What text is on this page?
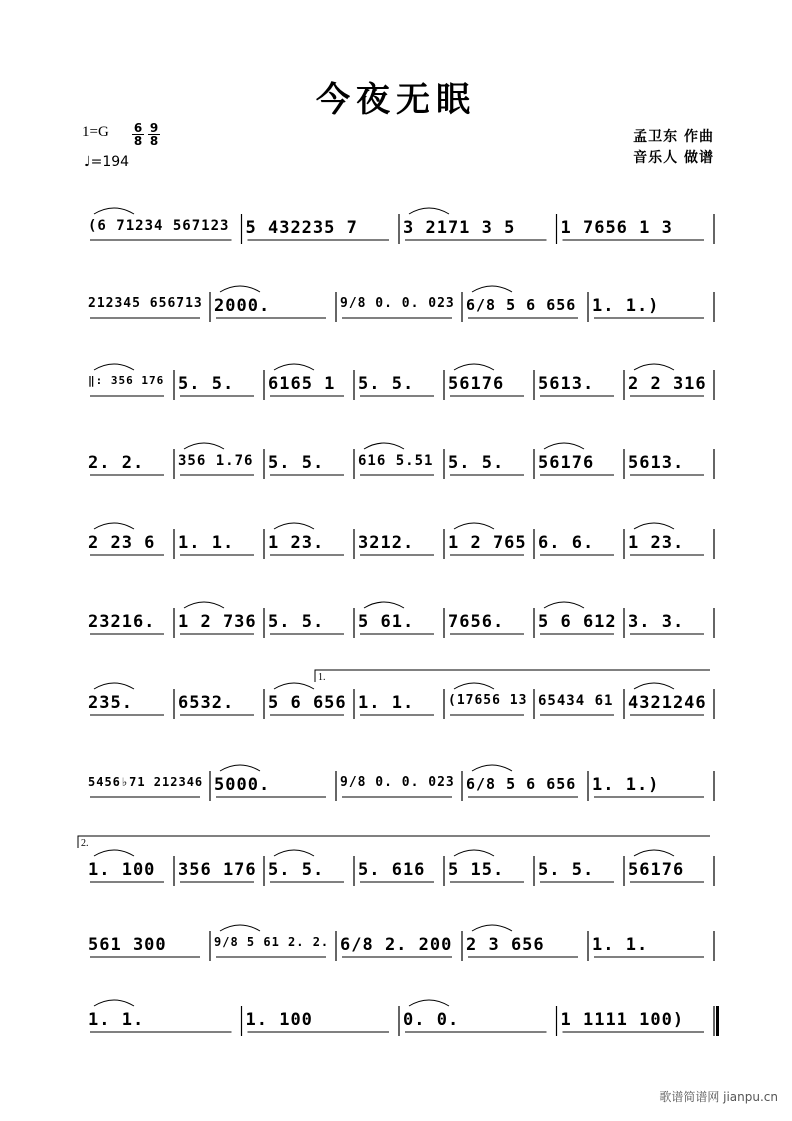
今夜无眠
1=G 6
8
9
8
♩=194
孟卫东 作曲
音乐人 做谱
(6 71234 567123 5 432235 7	3 2171 3 5	1 7656 1 3
212345 656713 2000.	9/8 0. 0. 023 6/8 5 6 656 1. 1.)
‖: 356 176 5. 5.	6165 1	5. 5.	56176	5613.	2 2 316
2. 2.	356 1.76 5. 5.	616 5.51 5. 5.	56176	5613.
2 23 6	1. 1.	1 23.	3212.	1 2 765 6. 6.	1 23.
23216.	1 2 736 5. 5.	5 61.	7656.	5 6 612 3. 3.
235.	6532.	5 6 656 1. 1.	(17656 13 65434 61 4321246
5456♭71 212346 5000.	9/8 0. 0. 023 6/8 5 6 656 1. 1.)
1. 100	356 176 5. 5.	5. 616	5 15.	5. 5.	56176
561 300	9/8 5 61 2. 2. 6/8 2. 200 2 3 656	1. 1.
1. 1.	1. 100	0. 0.	1 1111 100)
1.
2.
歌谱简谱网 jianpu.cn
